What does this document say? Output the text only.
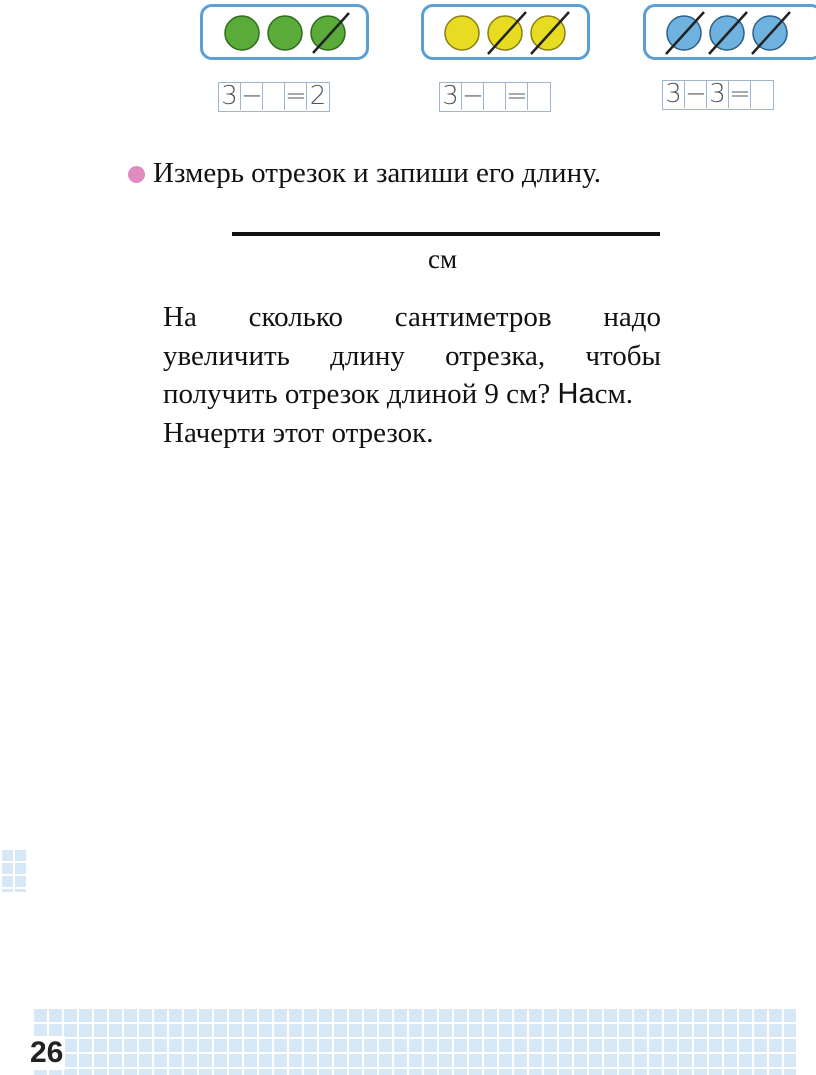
3 − = 2	3 − =	3 − 3 =
Измерь отрезок и запиши его длину.
см
На сколько сантиметров надо увеличить длину отрезка, чтобы получить отрезок длиной 9 см? Насм.
Начерти этот отрезок.
26
